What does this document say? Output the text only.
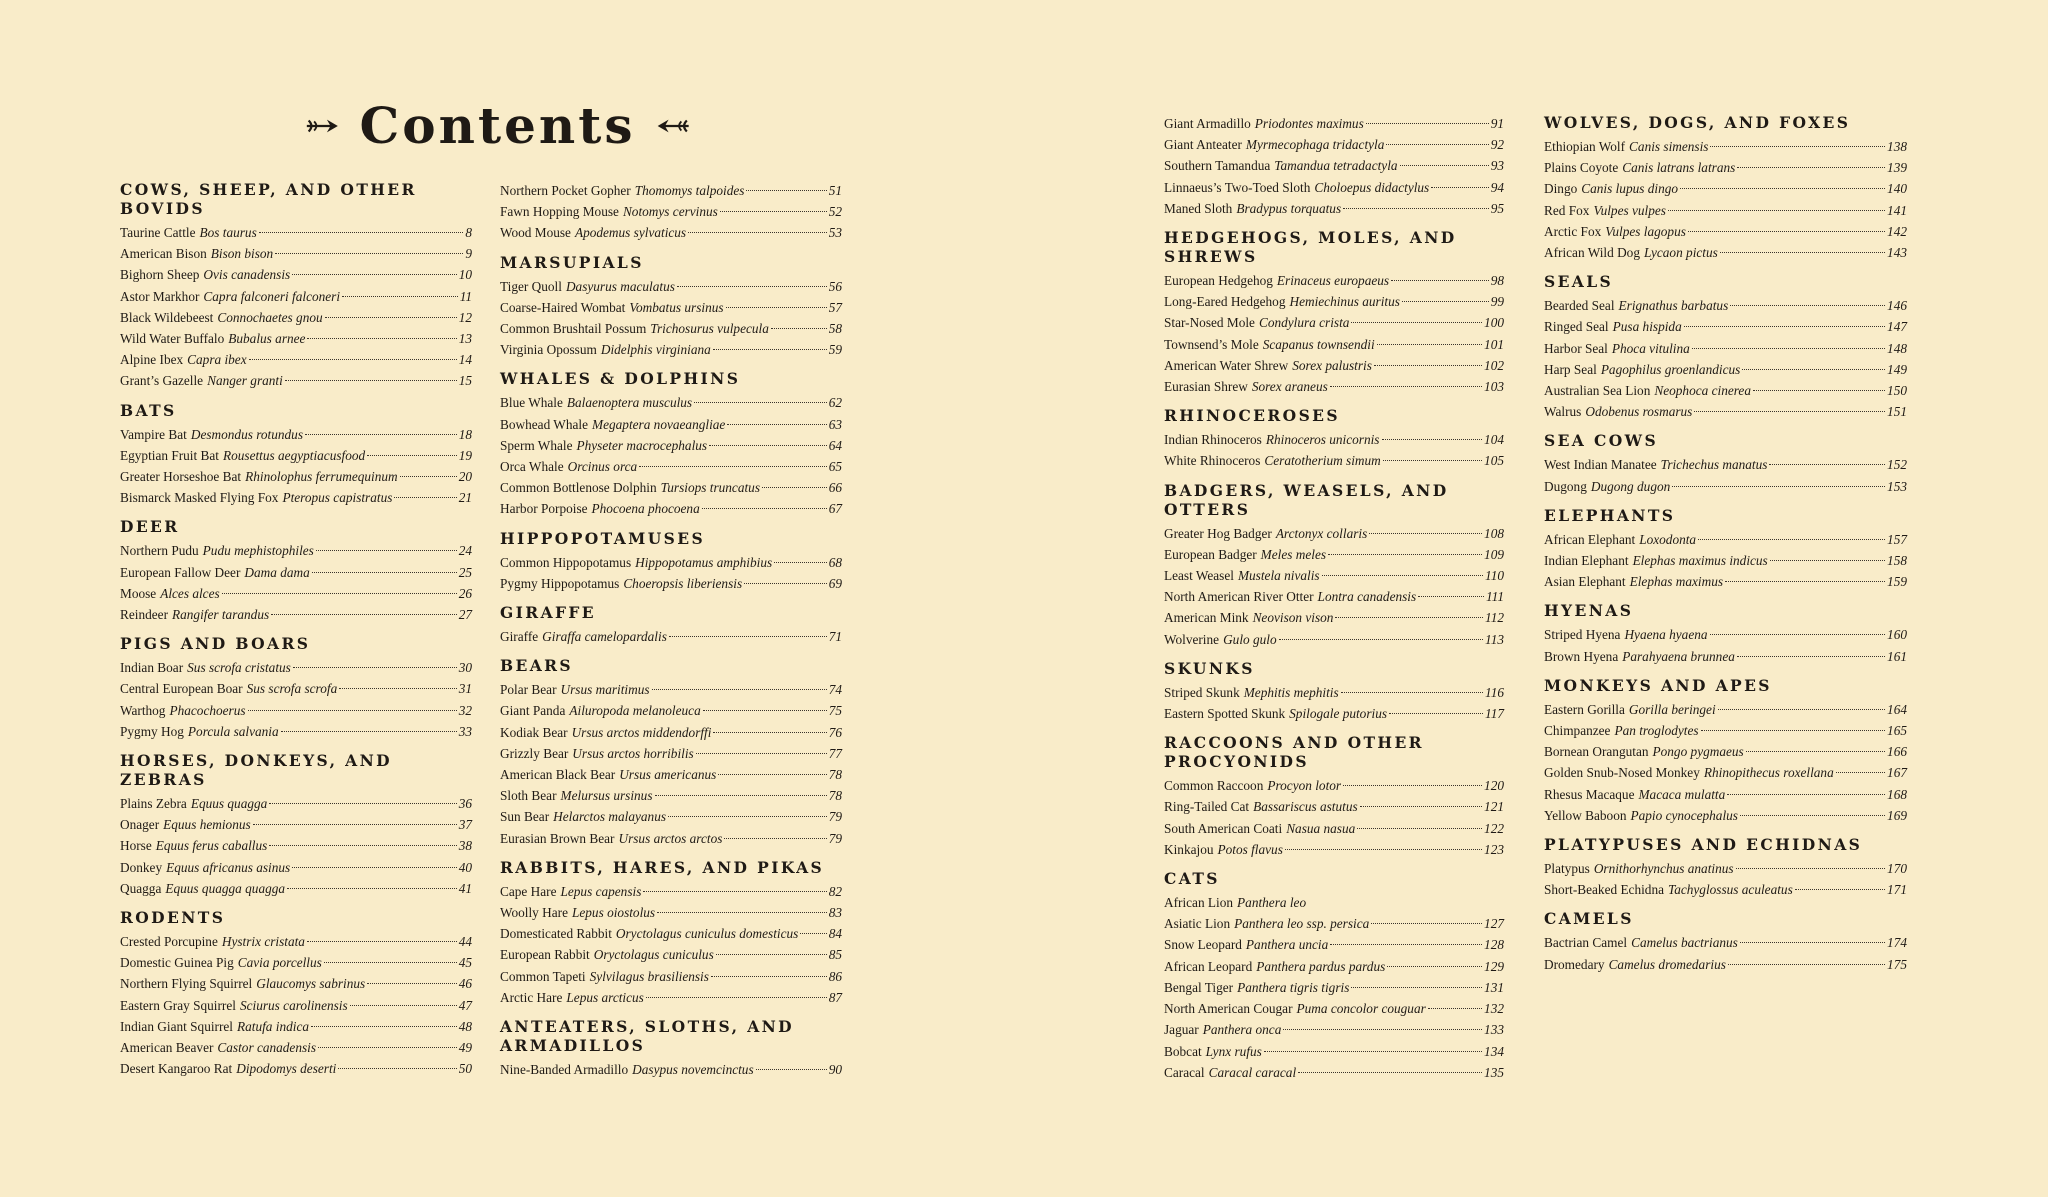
Contents
COWS, SHEEP, AND OTHER
BOVIDS
Taurine Cattle Bos taurus	8
American Bison Bison bison	9
Bighorn Sheep Ovis canadensis	10
Astor Markhor Capra falconeri falconeri	11
Black Wildebeest Connochaetes gnou	12
Wild Water Buffalo Bubalus arnee	13
Alpine Ibex Capra ibex	14
Grant’s Gazelle Nanger granti	15
BATS
Vampire Bat Desmondus rotundus	18
Egyptian Fruit Bat Rousettus aegyptiacusfood	19
Greater Horseshoe Bat Rhinolophus ferrumequinum	20
Bismarck Masked Flying Fox Pteropus capistratus	21
DEER
Northern Pudu Pudu mephistophiles	24
European Fallow Deer Dama dama	25
Moose Alces alces	26
Reindeer Rangifer tarandus	27
PIGS AND BOARS
Indian Boar Sus scrofa cristatus	30
Central European Boar Sus scrofa scrofa	31
Warthog Phacochoerus	32
Pygmy Hog Porcula salvania	33
HORSES, DONKEYS, AND
ZEBRAS
Plains Zebra Equus quagga	36
Onager Equus hemionus	37
Horse Equus ferus caballus	38
Donkey Equus africanus asinus	40
Quagga Equus quagga quagga	41
RODENTS
Crested Porcupine Hystrix cristata	44
Domestic Guinea Pig Cavia porcellus	45
Northern Flying Squirrel Glaucomys sabrinus	46
Eastern Gray Squirrel Sciurus carolinensis	47
Indian Giant Squirrel Ratufa indica	48
American Beaver Castor canadensis	49
Desert Kangaroo Rat Dipodomys deserti	50
Northern Pocket Gopher Thomomys talpoides	51
Fawn Hopping Mouse Notomys cervinus	52
Wood Mouse Apodemus sylvaticus	53
MARSUPIALS
Tiger Quoll Dasyurus maculatus	56
Coarse-Haired Wombat Vombatus ursinus	57
Common Brushtail Possum Trichosurus vulpecula	58
Virginia Opossum Didelphis virginiana	59
WHALES & DOLPHINS
Blue Whale Balaenoptera musculus	62
Bowhead Whale Megaptera novaeangliae	63
Sperm Whale Physeter macrocephalus	64
Orca Whale Orcinus orca	65
Common Bottlenose Dolphin Tursiops truncatus	66
Harbor Porpoise Phocoena phocoena	67
HIPPOPOTAMUSES
Common Hippopotamus Hippopotamus amphibius	68
Pygmy Hippopotamus Choeropsis liberiensis	69
GIRAFFE
Giraffe Giraffa camelopardalis	71
BEARS
Polar Bear Ursus maritimus	74
Giant Panda Ailuropoda melanoleuca	75
Kodiak Bear Ursus arctos middendorffi	76
Grizzly Bear Ursus arctos horribilis	77
American Black Bear Ursus americanus	78
Sloth Bear Melursus ursinus	78
Sun Bear Helarctos malayanus	79
Eurasian Brown Bear Ursus arctos arctos	79
RABBITS, HARES, AND PIKAS
Cape Hare Lepus capensis	82
Woolly Hare Lepus oiostolus	83
Domesticated Rabbit Oryctolagus cuniculus domesticus 84
European Rabbit Oryctolagus cuniculus	85
Common Tapeti Sylvilagus brasiliensis	86
Arctic Hare Lepus arcticus	87
ANTEATERS, SLOTHS, AND
ARMADILLOS
Nine-Banded Armadillo Dasypus novemcinctus	90
Giant Armadillo Priodontes maximus	91
Giant Anteater Myrmecophaga tridactyla	92
Southern Tamandua Tamandua tetradactyla	93
Linnaeus’s Two-Toed Sloth Choloepus didactylus	94
Maned Sloth Bradypus torquatus	95
HEDGEHOGS, MOLES, AND
SHREWS
European Hedgehog Erinaceus europaeus	98
Long-Eared Hedgehog Hemiechinus auritus	99
Star-Nosed Mole Condylura crista	100
Townsend’s Mole Scapanus townsendii	101
American Water Shrew Sorex palustris	102
Eurasian Shrew Sorex araneus	103
RHINOCEROSES
Indian Rhinoceros Rhinoceros unicornis	104
White Rhinoceros Ceratotherium simum	105
BADGERS, WEASELS, AND
OTTERS
Greater Hog Badger Arctonyx collaris	108
European Badger Meles meles	109
Least Weasel Mustela nivalis	110
North American River Otter Lontra canadensis	111
American Mink Neovison vison	112
Wolverine Gulo gulo	113
SKUNKS
Striped Skunk Mephitis mephitis	116
Eastern Spotted Skunk Spilogale putorius	117
RACCOONS AND OTHER
PROCYONIDS
Common Raccoon Procyon lotor	120
Ring-Tailed Cat Bassariscus astutus	121
South American Coati Nasua nasua	122
Kinkajou Potos flavus	123
CATS
African Lion Panthera leo
Asiatic Lion Panthera leo ssp. persica	127
Snow Leopard Panthera uncia	128
African Leopard Panthera pardus pardus	129
Bengal Tiger Panthera tigris tigris	131
North American Cougar Puma concolor couguar	132
Jaguar Panthera onca	133
Bobcat Lynx rufus	134
Caracal Caracal caracal	135
WOLVES, DOGS, AND FOXES
Ethiopian Wolf Canis simensis	138
Plains Coyote Canis latrans latrans	139
Dingo Canis lupus dingo	140
Red Fox Vulpes vulpes	141
Arctic Fox Vulpes lagopus	142
African Wild Dog Lycaon pictus	143
SEALS
Bearded Seal Erignathus barbatus	146
Ringed Seal Pusa hispida	147
Harbor Seal Phoca vitulina	148
Harp Seal Pagophilus groenlandicus	149
Australian Sea Lion Neophoca cinerea	150
Walrus Odobenus rosmarus	151
SEA COWS
West Indian Manatee Trichechus manatus	152
Dugong Dugong dugon	153
ELEPHANTS
African Elephant Loxodonta	157
Indian Elephant Elephas maximus indicus	158
Asian Elephant Elephas maximus	159
HYENAS
Striped Hyena Hyaena hyaena	160
Brown Hyena Parahyaena brunnea	161
MONKEYS AND APES
Eastern Gorilla Gorilla beringei	164
Chimpanzee Pan troglodytes	165
Bornean Orangutan Pongo pygmaeus	166
Golden Snub-Nosed Monkey Rhinopithecus roxellana	167
Rhesus Macaque Macaca mulatta	168
Yellow Baboon Papio cynocephalus	169
PLATYPUSES AND ECHIDNAS
Platypus Ornithorhynchus anatinus	170
Short-Beaked Echidna Tachyglossus aculeatus	171
CAMELS
Bactrian Camel Camelus bactrianus	174
Dromedary Camelus dromedarius	175
